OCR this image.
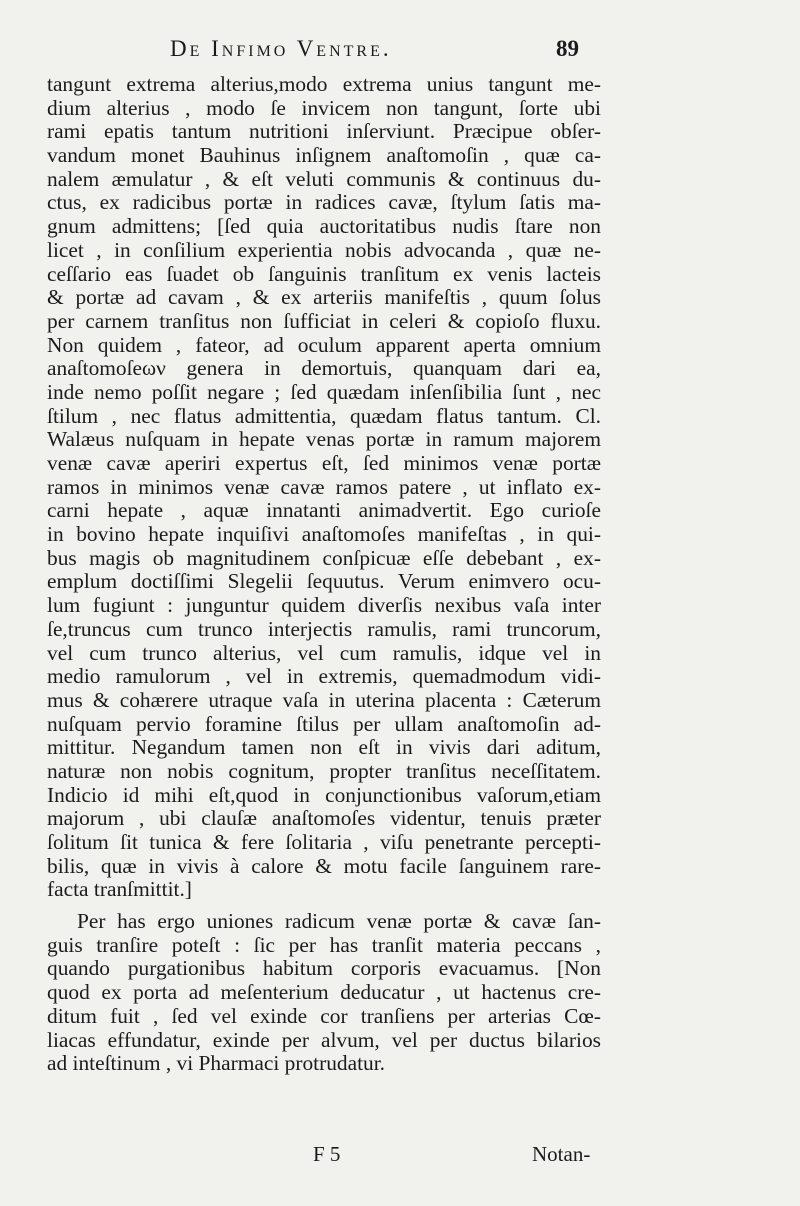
De Infimo Ventre.	89
tangunt extrema alterius,modo extrema unius tangunt me-
dium alterius , modo ſe invicem non tangunt, ſorte ubi
rami epatis tantum nutritioni inſerviunt. Præcipue obſer-
vandum monet Bauhinus inſignem anaſtomoſin , quæ ca-
nalem æmulatur , & eſt veluti communis & continuus du-
ctus, ex radicibus portæ in radices cavæ, ſtylum ſatis ma-
gnum admittens; [ſed quia auctoritatibus nudis ſtare non
licet , in conſilium experientia nobis advocanda , quæ ne-
ceſſario eas ſuadet ob ſanguinis tranſitum ex venis lacteis
& portæ ad cavam , & ex arteriis manifeſtis , quum ſolus
per carnem tranſitus non ſufficiat in celeri & copioſo fluxu.
Non quidem , fateor, ad oculum apparent aperta omnium
anaſtomoſeων genera in demortuis, quanquam dari ea,
inde nemo poſſit negare ; ſed quædam inſenſibilia ſunt , nec
ſtilum , nec flatus admittentia, quædam flatus tantum. Cl.
Walæus nuſquam in hepate venas portæ in ramum majorem
venæ cavæ aperiri expertus eſt, ſed minimos venæ portæ
ramos in minimos venæ cavæ ramos patere , ut inflato ex-
carni hepate , aquæ innatanti animadvertit. Ego curioſe
in bovino hepate inquiſivi anaſtomoſes manifeſtas , in qui-
bus magis ob magnitudinem conſpicuæ eſſe debebant , ex-
emplum doctiſſimi Slegelii ſequutus. Verum enimvero ocu-
lum fugiunt : junguntur quidem diverſis nexibus vaſa inter
ſe,truncus cum trunco interjectis ramulis, rami truncorum,
vel cum trunco alterius, vel cum ramulis, idque vel in
medio ramulorum , vel in extremis, quemadmodum vidi-
mus & cohærere utraque vaſa in uterina placenta : Cæterum
nuſquam pervio foramine ſtilus per ullam anaſtomoſin ad-
mittitur. Negandum tamen non eſt in vivis dari aditum,
naturæ non nobis cognitum, propter tranſitus neceſſitatem.
Indicio id mihi eſt,quod in conjunctionibus vaſorum,etiam
majorum , ubi clauſæ anaſtomoſes videntur, tenuis præter
ſolitum ſit tunica & fere ſolitaria , viſu penetrante percepti-
bilis, quæ in vivis à calore & motu facile ſanguinem rare-
facta tranſmittit.]
Per has ergo uniones radicum venæ portæ & cavæ ſan-
guis tranſire poteſt : ſic per has tranſit materia peccans ,
quando purgationibus habitum corporis evacuamus. [Non
quod ex porta ad meſenterium deducatur , ut hactenus cre-
ditum fuit , ſed vel exinde cor tranſiens per arterias Cœ-
liacas effundatur, exinde per alvum, vel per ductus bilarios
ad inteſtinum , vi Pharmaci protrudatur.
F 5	Notan-
